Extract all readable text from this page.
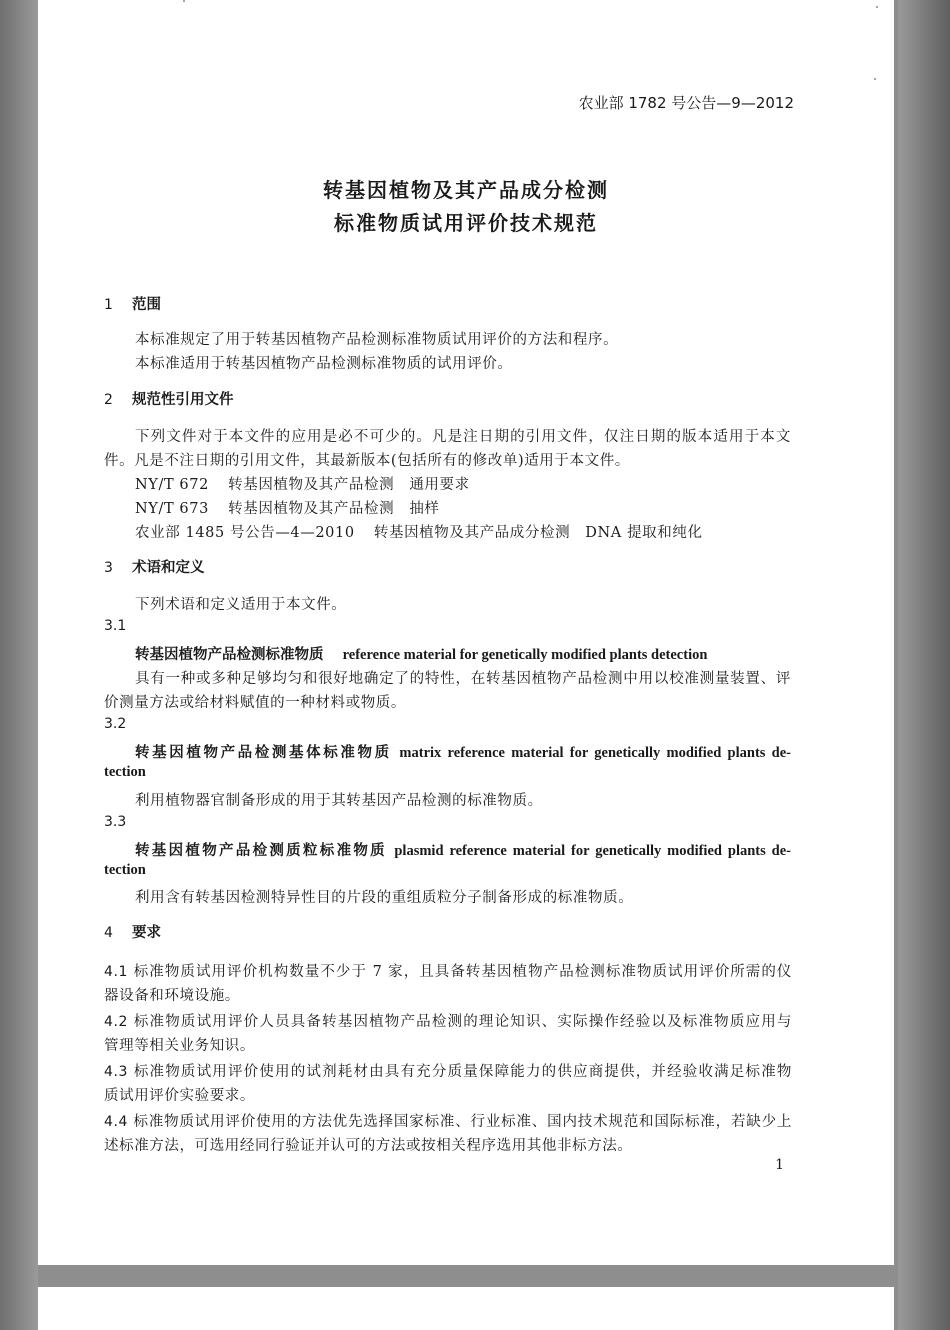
农业部 1782 号公告—9—2012
转基因植物及其产品成分检测
标准物质试用评价技术规范
1 范围
本标准规定了用于转基因植物产品检测标准物质试用评价的方法和程序。
本标准适用于转基因植物产品检测标准物质的试用评价。
2 规范性引用文件
下列文件对于本文件的应用是必不可少的。凡是注日期的引用文件，仅注日期的版本适用于本文
件。凡是不注日期的引用文件，其最新版本(包括所有的修改单)适用于本文件。
NY/T 672 转基因植物及其产品检测　通用要求
NY/T 673 转基因植物及其产品检测　抽样
农业部 1485 号公告—4—2010 转基因植物及其产品成分检测　DNA 提取和纯化
3 术语和定义
下列术语和定义适用于本文件。
3.1
转基因植物产品检测标准物质 reference material for genetically modified plants detection
具有一种或多种足够均匀和很好地确定了的特性，在转基因植物产品检测中用以校准测量装置、评
价测量方法或给材料赋值的一种材料或物质。
3.2
转基因植物产品检测基体标准物质 matrix reference material for genetically modified plants de-
tection
利用植物器官制备形成的用于其转基因产品检测的标准物质。
3.3
转基因植物产品检测质粒标准物质 plasmid reference material for genetically modified plants de-
tection
利用含有转基因检测特异性目的片段的重组质粒分子制备形成的标准物质。
4 要求
4.1 标准物质试用评价机构数量不少于 7 家，且具备转基因植物产品检测标准物质试用评价所需的仪
器设备和环境设施。
4.2 标准物质试用评价人员具备转基因植物产品检测的理论知识、实际操作经验以及标准物质应用与
管理等相关业务知识。
4.3 标准物质试用评价使用的试剂耗材由具有充分质量保障能力的供应商提供，并经验收满足标准物
质试用评价实验要求。
4.4 标准物质试用评价使用的方法优先选择国家标准、行业标准、国内技术规范和国际标准，若缺少上
述标准方法，可选用经同行验证并认可的方法或按相关程序选用其他非标方法。
1
